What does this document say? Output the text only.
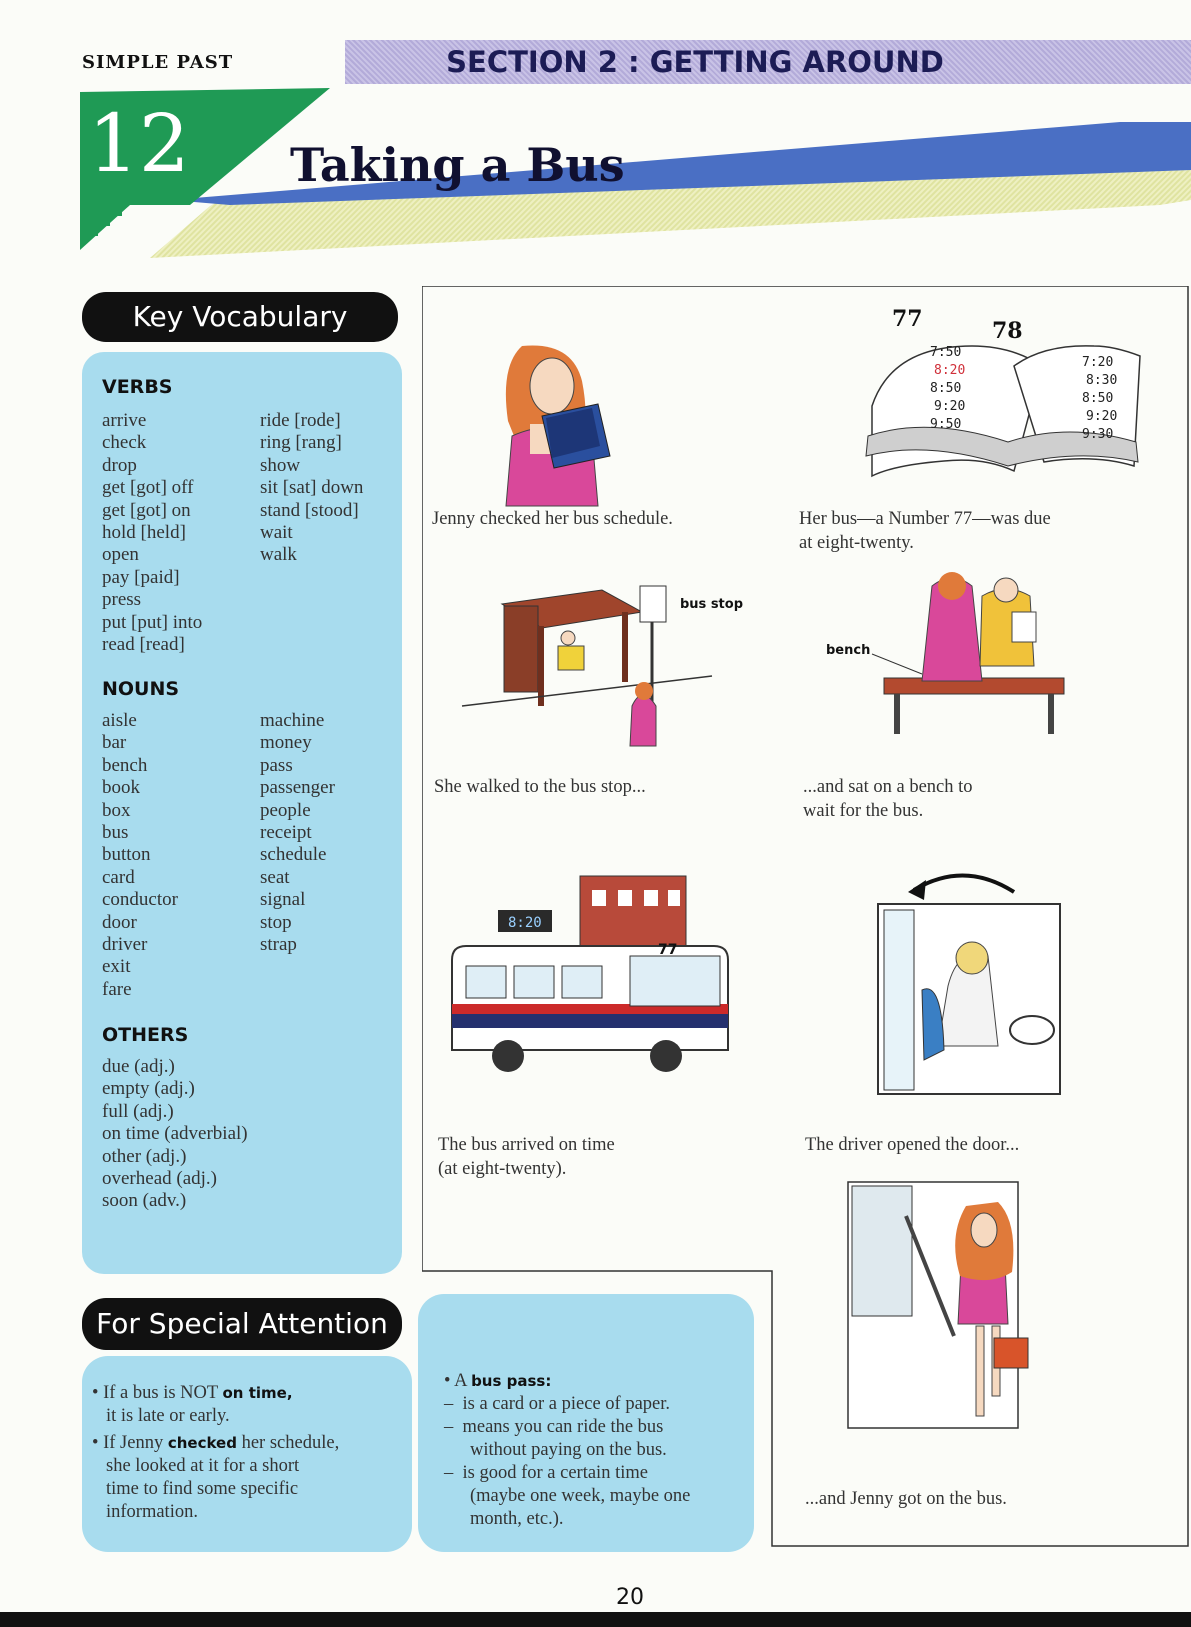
SIMPLE PAST	SECTION 2 : GETTING AROUND
12 Taking a Bus
Key Vocabulary
VERBS
arrive
check
drop
get [got] off
get [got] on
hold [held]
open
pay [paid]
press
put [put] into
read [read]
ride [rode]
ring [rang]
show
sit [sat] down
stand [stood]
wait
walk
NOUNS
aisle
bar
bench
book
box
bus
button
card
conductor
door
driver
exit
fare
machine
money
pass
passenger
people
receipt
schedule
seat
signal
stop
strap
OTHERS
due (adj.)
empty (adj.)
full (adj.)
on time (adverbial)
other (adj.)
overhead (adj.)
soon (adv.)
77	78
7:50
8:20
8:50
9:20
9:50
7:20
8:30
8:50
9:20
9:30
Jenny checked her bus schedule.	Her bus—a Number 77—was due
at eight-twenty.
bus stop
She walked to the bus stop...
bench
...and sat on a bench to
wait for the bus.
8:20
77
The bus arrived on time
(at eight-twenty).
The driver opened the door...
...and Jenny got on the bus.
• A bus pass:
–  is a card or a piece of paper.
–  means you can ride the bus
without paying on the bus.
–  is good for a certain time
(maybe one week, maybe one
month, etc.).
• If a bus is NOT on time,
it is late or early.
• If Jenny checked her schedule,
she looked at it for a short
time to find some specific
information.
For Special Attention
20
